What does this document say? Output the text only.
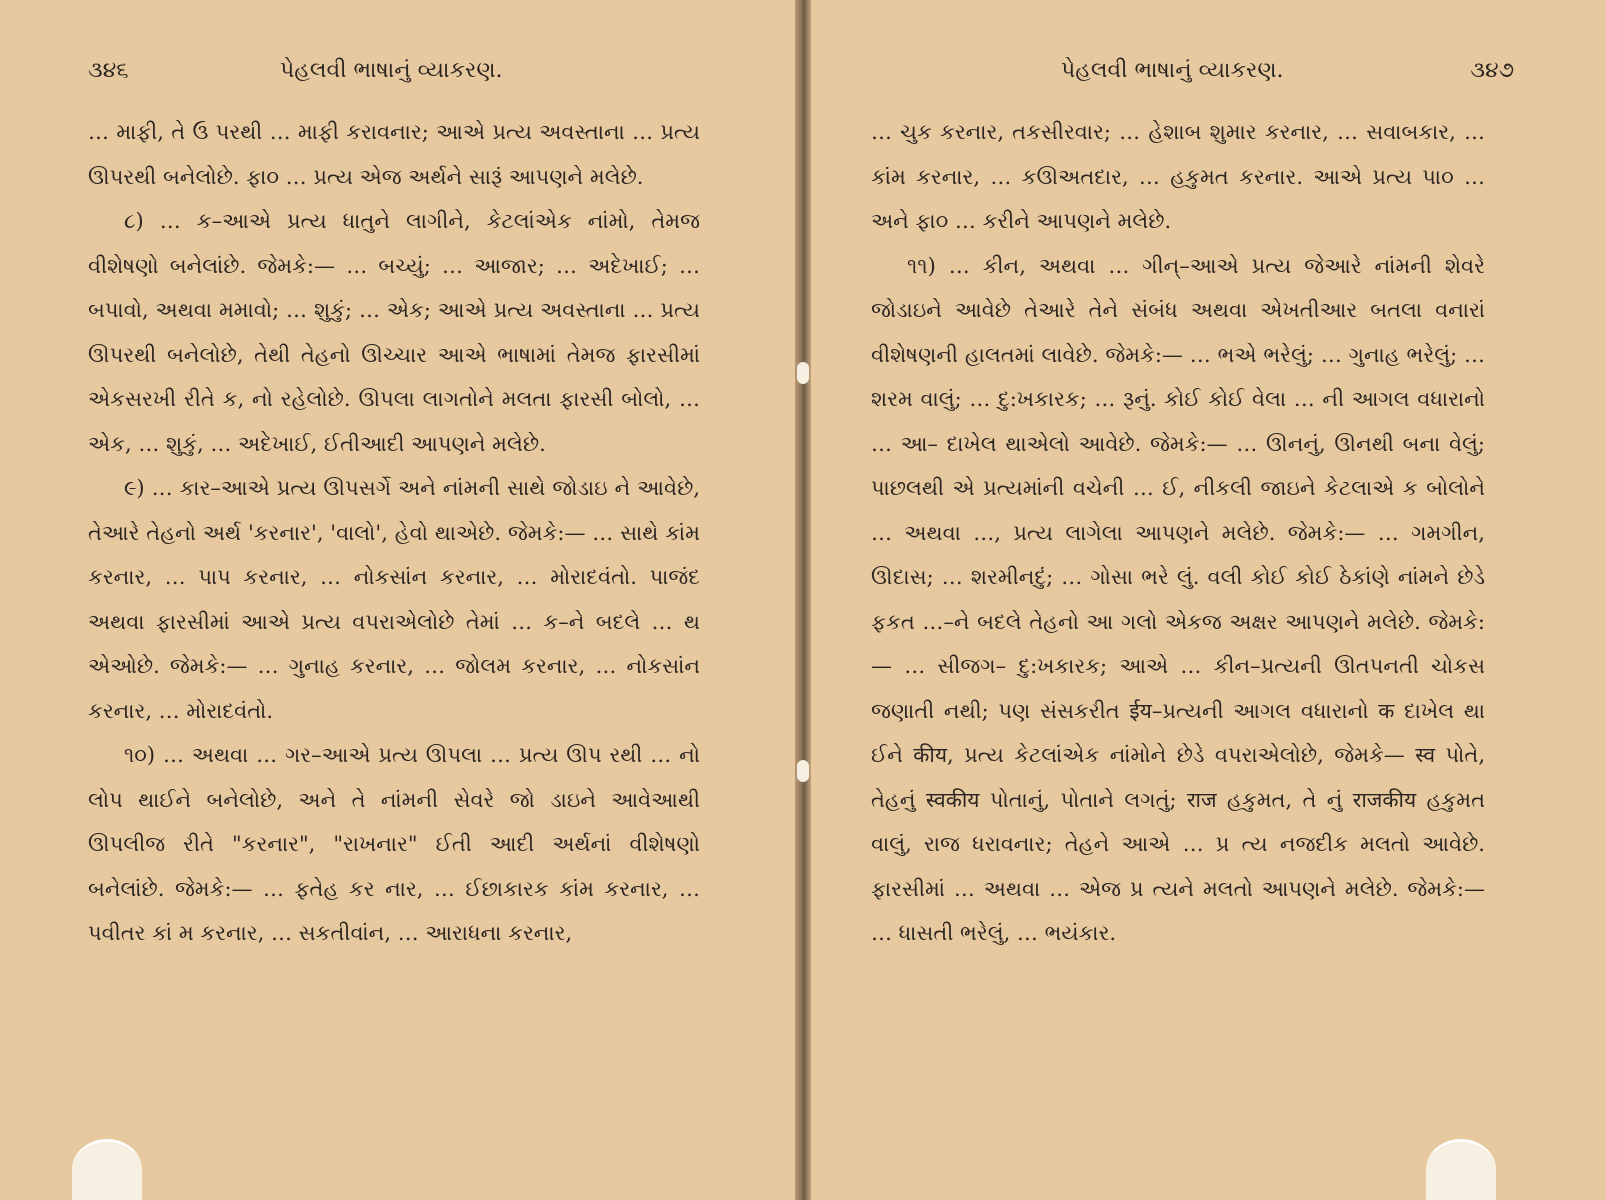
૩૪૬	પેહલવી ભાષાનું વ્યાકરણ.

… માફી, તે ઉ પરથી … માફી કરાવનાર; આએ પ્રત્ય અવસ્તાના … પ્રત્ય ઊપરથી બનેલોછે. ફા૦ … પ્રત્ય એજ અર્થને સારૂં આપણને મલેછે.

૮) … ક–આએ પ્રત્ય ધાતુને લાગીને, કેટલાંએક નાંમો, તેમજ વીશેષણો બનેલાંછે. જેમકે:— … બચ્યું; … આજાર; … અદેખાઈ; … બપાવો, અથવા મમાવો; … શુકું; … એક; આએ પ્રત્ય અવસ્તાના … પ્રત્ય ઊપરથી બનેલોછે, તેથી તેહનો ઊચ્ચાર આએ ભાષામાં તેમજ ફારસીમાં એકસરખી રીતે ક, નો રહેલોછે. ઊપલા લાગતોને મલતા ફારસી બોલો, … એક, … શુકું, … અદેખાઈ, ઈતીઆદી આપણને મલેછે.

૯) … કાર–આએ પ્રત્ય ઊપસર્ગે અને નાંમની સાથે જોડાઇ ને આવેછે, તેઆરે તેહનો અર્થ 'કરનાર', 'વાલો', હેવો થાએછે. જેમકે:— … સાથે કાંમ કરનાર, … પાપ કરનાર, … નોકસાંન કરનાર, … મોરાદવંતો. પાજંદ અથવા ફારસીમાં આએ પ્રત્ય વપરાએલોછે તેમાં … ક–ને બદલે … થ એઓછે. જેમકે:— … ગુનાહ કરનાર, … જોલમ કરનાર, … નોકસાંન કરનાર, … મોરાદવંતો.

૧૦) … અથવા … ગર–આએ પ્રત્ય ઊપલા … પ્રત્ય ઊપ રથી … નો લોપ થાઈને બનેલોછે, અને તે નાંમની સેવરે જો ડાઇને આવેઆથી ઊપલીજ રીતે "કરનાર", "રાખનાર" ઈતી આદી અર્થનાં વીશેષણો બનેલાંછે. જેમકે:— … ફતેહ કર નાર, … ઈછાકારક કાંમ કરનાર, … પવીતર કાં મ કરનાર, … સકતીવાંન, … આરાધના કરનાર,

પેહલવી ભાષાનું વ્યાકરણ.	૩૪૭

… ચુક કરનાર, તકસીરવાર; … હેશાબ શુમાર કરનાર, … સવાબકાર, … કાંમ કરનાર, … કઊઅતદાર, … હકુમત કરનાર. આએ પ્રત્ય પા૦ … અને ફા૦ … કરીને આપણને મલેછે.

૧૧) … કીન, અથવા … ગીન્–આએ પ્રત્ય જેઆરે નાંમની શેવરે જોડાઇને આવેછે તેઆરે તેને સંબંધ અથવા એખતીઆર બતલા વનારાં વીશેષણની હાલતમાં લાવેછે. જેમકે:— … ભએ ભરેલું; … ગુનાહ ભરેલું; … શરમ વાલું; … દુ:ખકારક; … રૂનું. કોઈ કોઈ વેલા … ની આગલ વધારાનો … આ– દાખેલ થાએલો આવેછે. જેમકે:— … ઊનનું, ઊનથી બના વેલું; પાછલથી એ પ્રત્યમાંની વચેની … ઈ, નીકલી જાઇને કેટલાએ ક બોલોને … અથવા …, પ્રત્ય લાગેલા આપણને મલેછે. જેમકે:— … ગમગીન, ઊદાસ; … શરમીનદું; … ગોસા ભરે લું. વલી કોઈ કોઈ ઠેકાંણે નાંમને છેડે ફકત …–ને બદલે તેહનો આ ગલો એકજ અક્ષર આપણને મલેછે. જેમકે:— … સીજગ– દુ:ખકારક; આએ … કીન–પ્રત્યની ઊતપનતી ચોકસ જણાતી નથી; પણ સંસકરીત ईय–પ્રત્યની આગલ વધારાનો क દાખેલ થા ઈને कीय, પ્રત્ય કેટલાંએક નાંમોને છેડે વપરાએલોછે, જેમકે— स्व પોતે, તેહનું स्वकीय પોતાનું, પોતાને લગતું; राज હકુમત, તે નું राजकीय હકુમત વાલું, રાજ ધરાવનાર; તેહને આએ … પ્ર ત્ય નજદીક મલતો આવેછે. ફારસીમાં … અથવા … એજ પ્ર ત્યને મલતો આપણને મલેછે. જેમકે:— … ધાસતી ભરેલું, … ભયંકાર.
